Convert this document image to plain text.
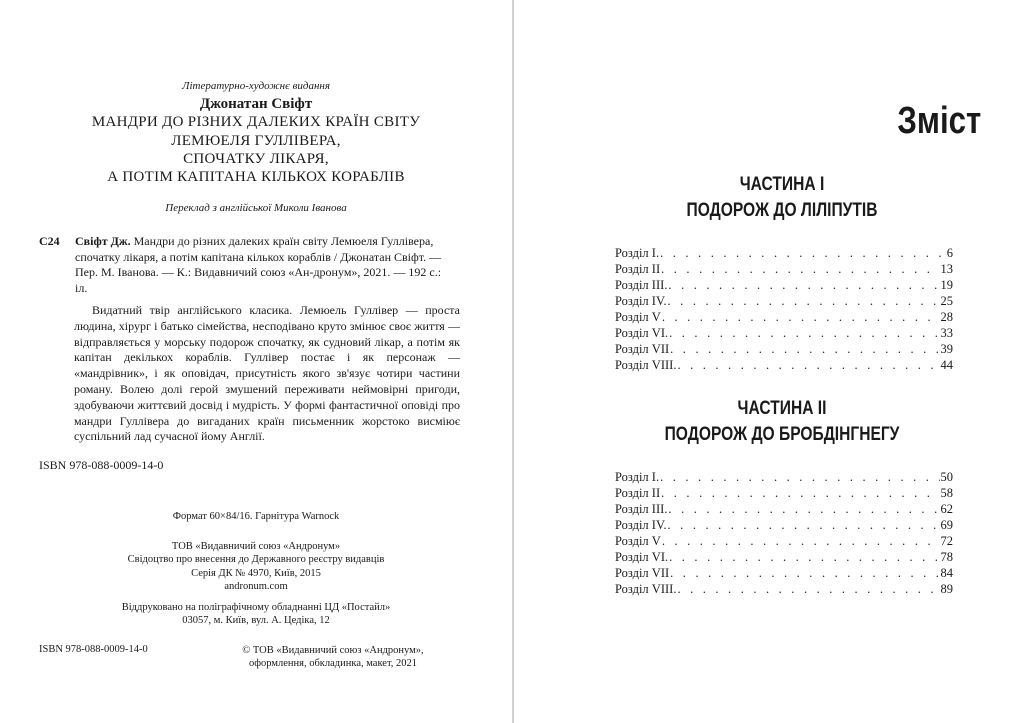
Літературно-художнє видання
Джонатан Свіфт
МАНДРИ ДО РІЗНИХ ДАЛЕКИХ КРАЇН СВІТУ
ЛЕМЮЕЛЯ ГУЛЛІВЕРА,
СПОЧАТКУ ЛІКАРЯ,
А ПОТІМ КАПІТАНА КІЛЬКОХ КОРАБЛІВ
Переклад з англійської Миколи Іванова
С24 Свіфт Дж. Мандри до різних далеких країн світу Лемюеля Гуллівера, спочатку лікаря, а потім капітана кількох кораблів / Джонатан Свіфт. — Пер. М. Іванова. — К.: Видавничий союз «Ан-дронум», 2021. — 192 с.: іл.
Видатний твір англійського класика. Лемюель Гуллівер — проста людина, хірург і батько сімейства, несподівано круто змінює своє життя — відправляється у морську подорож спочатку, як судновий лікар, а потім як капітан декількох кораблів. Гуллівер постає і як персонаж — «мандрівник», і як оповідач, присутність якого зв'язує чотири частини роману. Волею долі герой змушений переживати неймовірні пригоди, здобуваючи життєвий досвід і мудрість. У формі фантастичної оповіді про мандри Гуллівера до вигаданих країн письменник жорстоко висміює суспільний лад сучасної йому Англії.
ISBN 978-088-0009-14-0
Формат 60×84/16. Гарнітура Warnock
ТОВ «Видавничий союз «Андронум»
Свідоцтво про внесення до Державного реєстру видавців
Серія ДК № 4970, Київ, 2015
andronum.com
Віддруковано на поліграфічному обладнанні ЦД «Постайл»
03057, м. Київ, вул. А. Цедіка, 12
ISBN 978-088-0009-14-0	© ТОВ «Видавничий союз «Андронум»,
оформлення, обкладинка, макет, 2021
Зміст
ЧАСТИНА I
ПОДОРОЖ ДО ЛІЛІПУТІВ
Розділ I. . . .	6
Розділ II . . .	13
Розділ III. . . .	19
Розділ IV. . . .	25
Розділ V . . .	28
Розділ VI. . . .	33
Розділ VII . . .	39
Розділ VIII. . . .	44
ЧАСТИНА II
ПОДОРОЖ ДО БРОБДІНГНЕГУ
Розділ I. . . .	50
Розділ II . . .	58
Розділ III. . . .	62
Розділ IV. . . .	69
Розділ V . . .	72
Розділ VI. . . .	78
Розділ VII . . .	84
Розділ VIII. . . .	89
